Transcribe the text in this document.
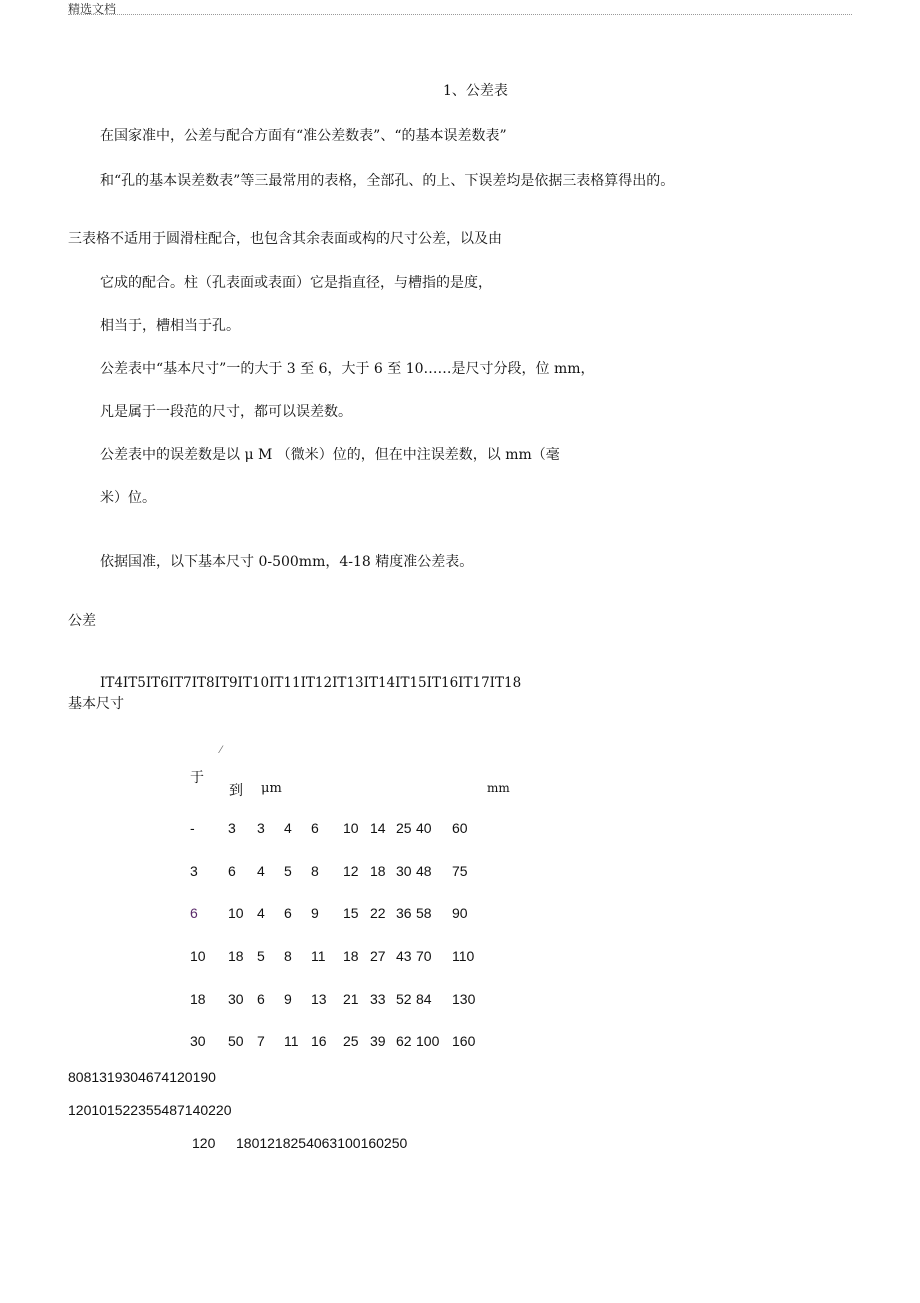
精选文档
1、公差表
在国家准中，公差与配合方面有“准公差数表”、“的基本误差数表”
和“孔的基本误差数表”等三最常用的表格，全部孔、的上、下误差均是依据三表格算得出的。
三表格不适用于圆滑柱配合，也包含其余表面或构的尺寸公差，以及由
它成的配合。柱（孔表面或表面）它是指直径，与槽指的是度，
相当于，槽相当于孔。
公差表中“基本尺寸”一的大于 3 至 6，大于 6 至 10……是尺寸分段，位 mm，
凡是属于一段范的尺寸，都可以误差数。
公差表中的误差数是以 μ M （微米）位的，但在中注误差数，以 mm（毫
米）位。
依据国准，以下基本尺寸 0-500mm，4-18 精度准公差表。
公差
IT4IT5IT6IT7IT8IT9IT10IT11IT12IT13IT14IT15IT16IT17IT18
基本尺寸
⁄
于
到 μm	mm
- 3 3 4 6 10 14 25 40 60
3 6 4 5 8 12 18 30 48 75
6 10 4 6 9 15 22 36 58 90
10 18 5 8 11 18 27 43 70 110
18 30 6 9 13 21 33 52 84 130
30 50 7 11 16 25 39 62 100 160
8081319304674120190
12010152235548714022​0
120 1801218254063100160250
